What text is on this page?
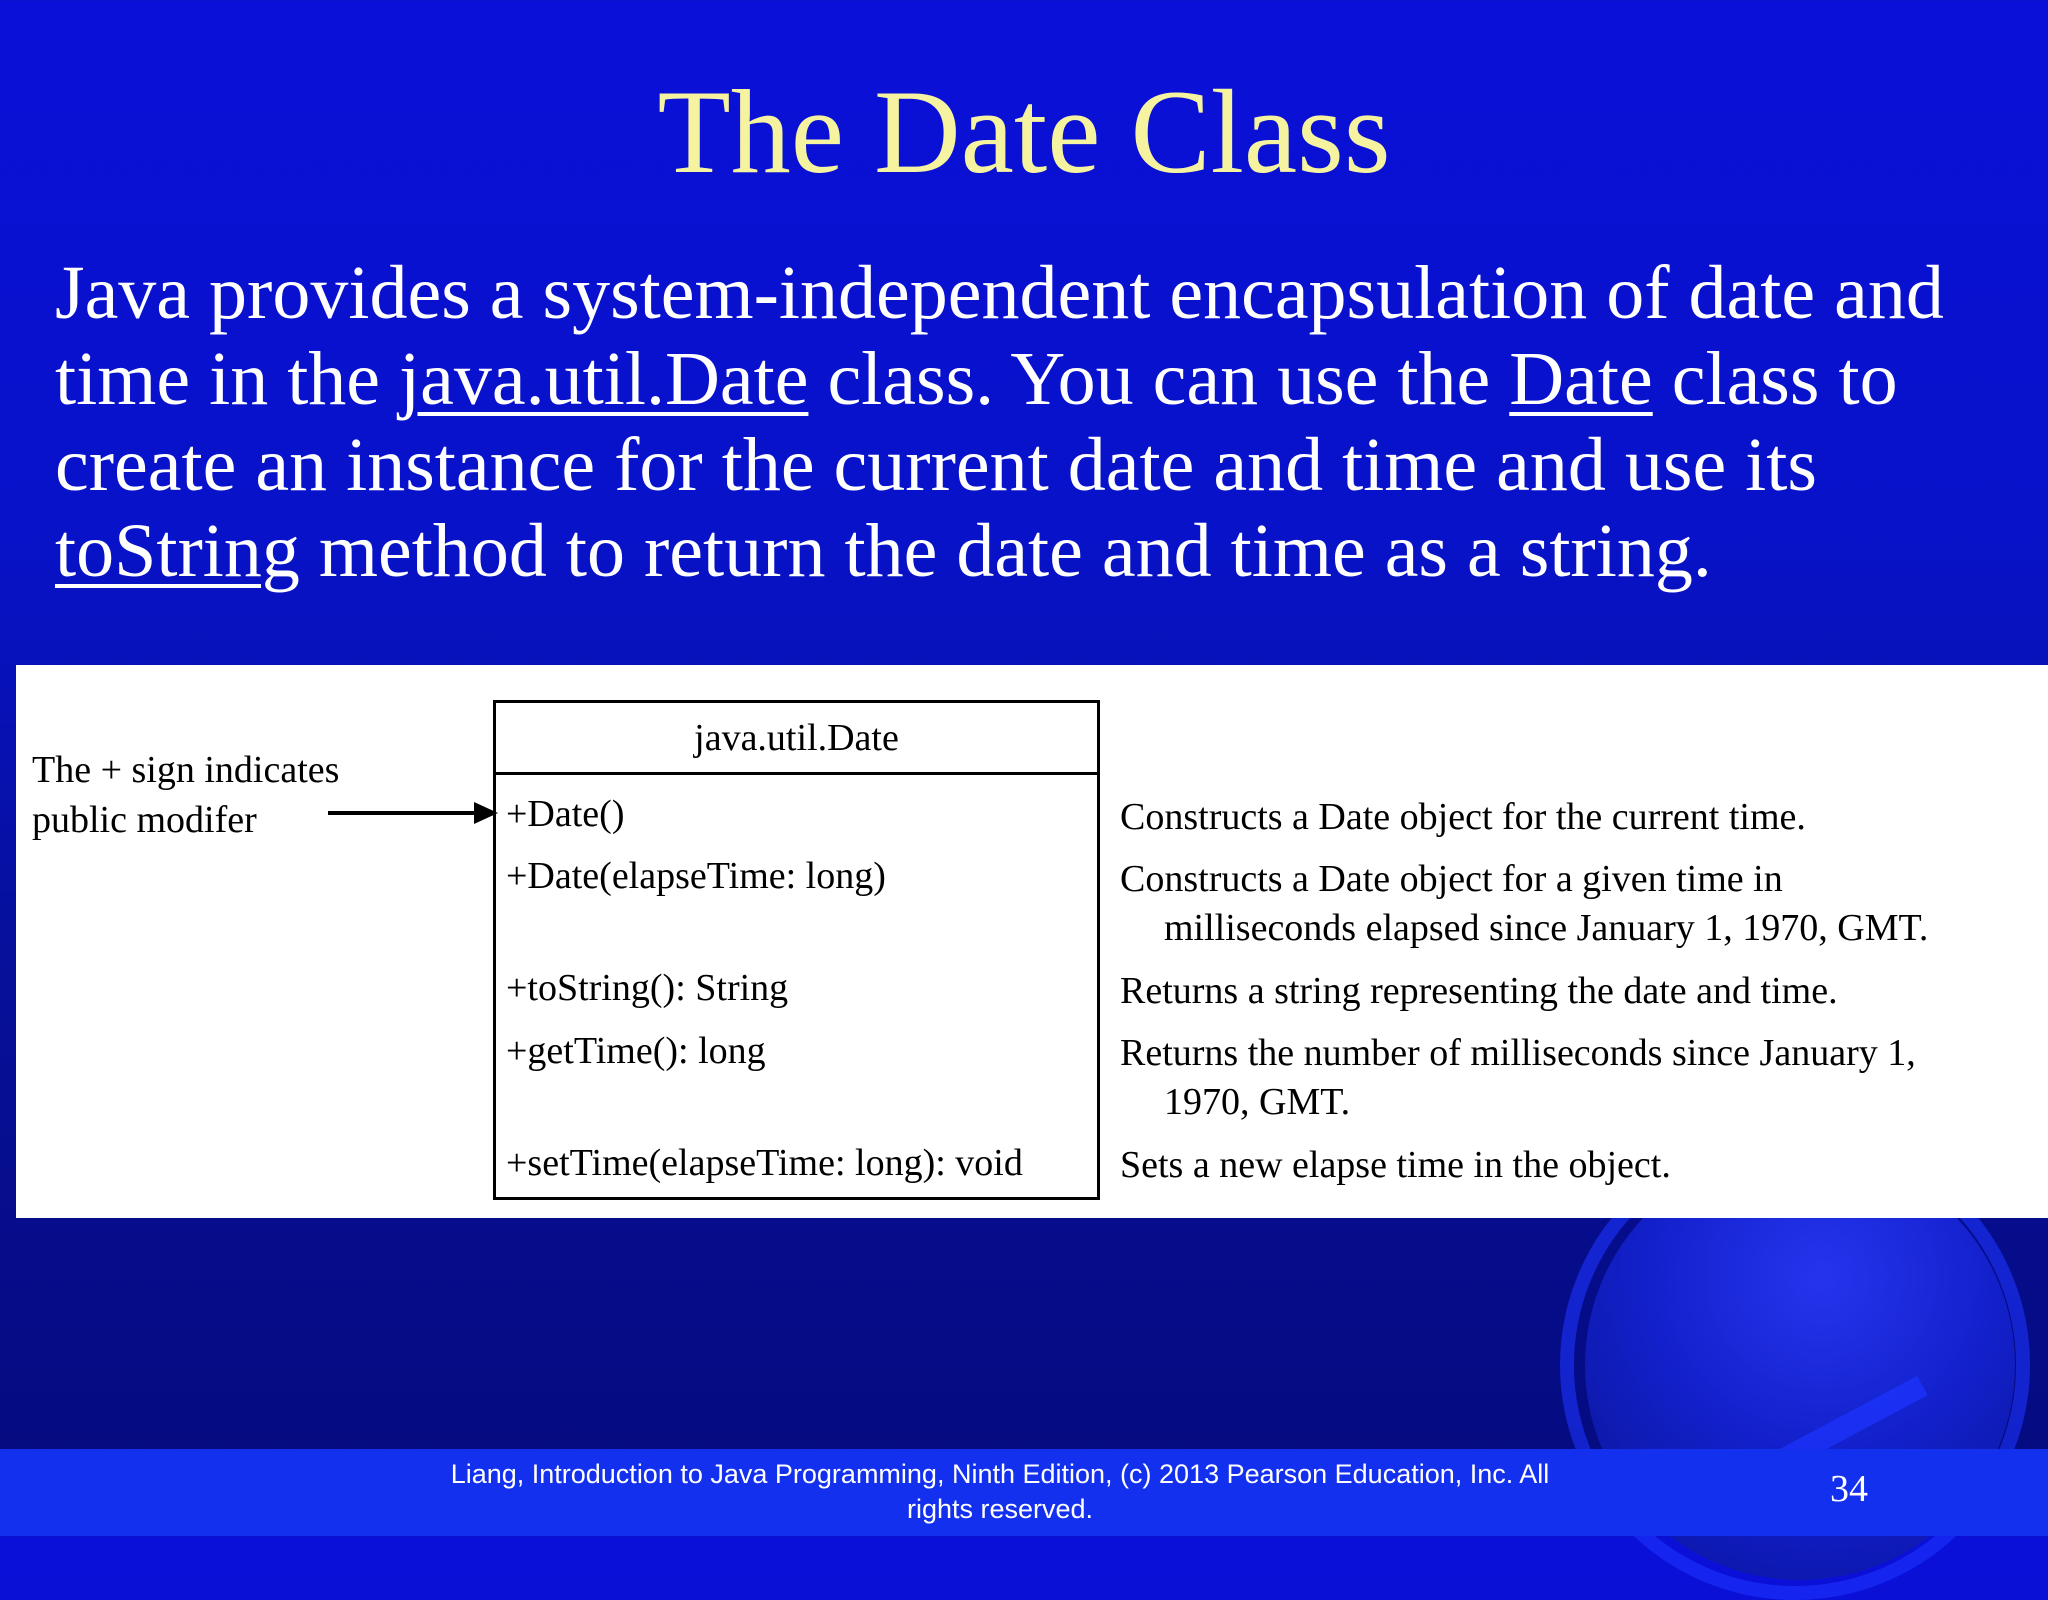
The Date Class

Java provides a system-independent encapsulation of date and time in the java.util.Date class. You can use the Date class to create an instance for the current date and time and use its toString method to return the date and time as a string.

The + sign indicates
public modifer
java.util.Date
+Date()
+Date(elapseTime: long)
+toString(): String
+getTime(): long
+setTime(elapseTime: long): void
Constructs a Date object for the current time.
Constructs a Date object for a given time in
milliseconds elapsed since January 1, 1970, GMT.
Returns a string representing the date and time.
Returns the number of milliseconds since January 1,
1970, GMT.
Sets a new elapse time in the object.
Liang, Introduction to Java Programming, Ninth Edition, (c) 2013 Pearson Education, Inc. All
rights reserved.	34
